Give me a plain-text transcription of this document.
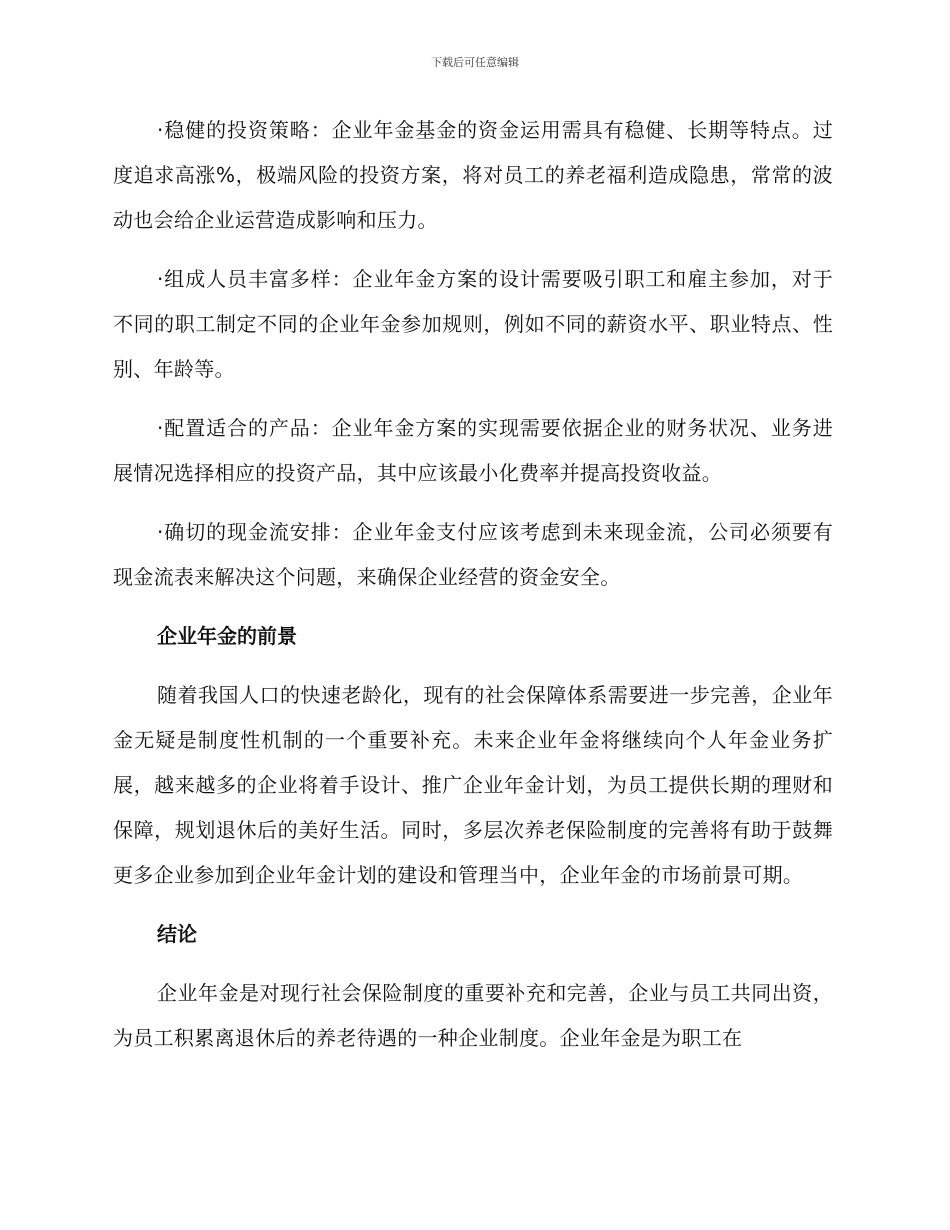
下载后可任意编辑

·稳健的投资策略：企业年金基金的资金运用需具有稳健、长期等特点。过度追求高涨%，极端风险的投资方案，将对员工的养老福利造成隐患，常常的波动也会给企业运营造成影响和压力。

·组成人员丰富多样：企业年金方案的设计需要吸引职工和雇主参加，对于不同的职工制定不同的企业年金参加规则，例如不同的薪资水平、职业特点、性别、年龄等。

·配置适合的产品：企业年金方案的实现需要依据企业的财务状况、业务进展情况选择相应的投资产品，其中应该最小化费率并提高投资收益。

·确切的现金流安排：企业年金支付应该考虑到未来现金流，公司必须要有现金流表来解决这个问题，来确保企业经营的资金安全。

企业年金的前景

随着我国人口的快速老龄化，现有的社会保障体系需要进一步完善，企业年金无疑是制度性机制的一个重要补充。未来企业年金将继续向个人年金业务扩展，越来越多的企业将着手设计、推广企业年金计划，为员工提供长期的理财和保障，规划退休后的美好生活。同时，多层次养老保险制度的完善将有助于鼓舞更多企业参加到企业年金计划的建设和管理当中，企业年金的市场前景可期。

结论

企业年金是对现行社会保险制度的重要补充和完善，企业与员工共同出资，为员工积累离退休后的养老待遇的一种企业制度。企业年金是为职工在
